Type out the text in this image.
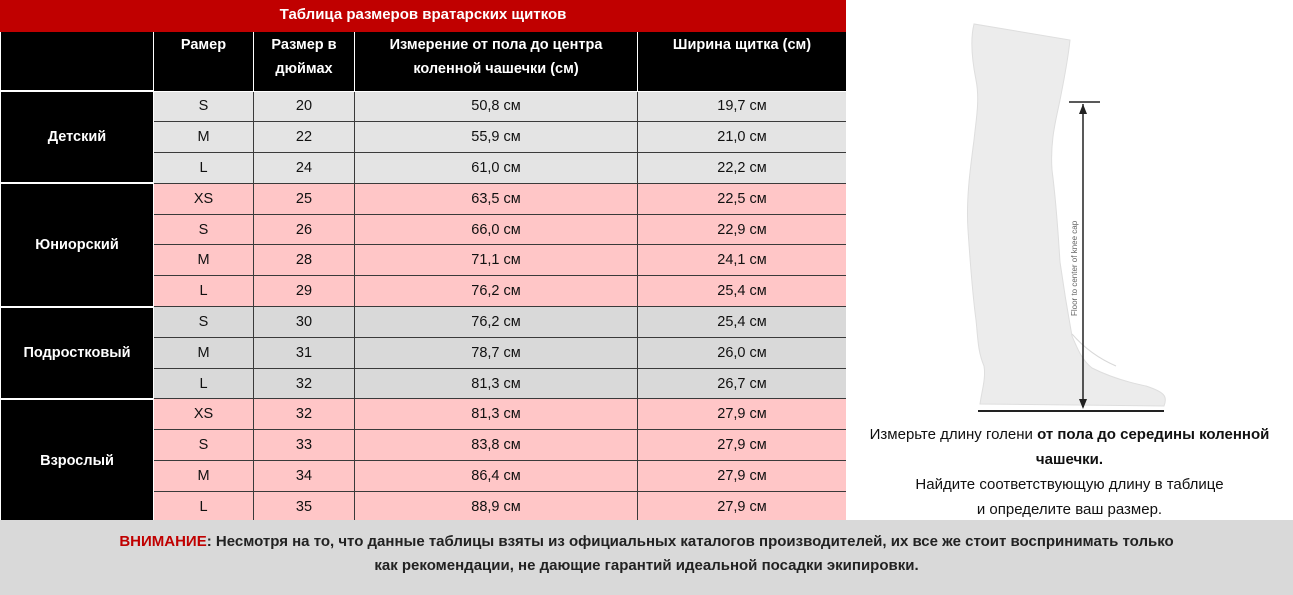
Таблица размеров вратарских щитков
	Рамер	Размер в дюймах	Измерение от пола до центра коленной чашечки (см)	Ширина щитка (см)
Детский	S	20	50,8 см	19,7 см
	M	22	55,9 см	21,0 см
	L	24	61,0 см	22,2 см
Юниорский	XS	25	63,5 см	22,5 см
	S	26	66,0 см	22,9 см
	M	28	71,1 см	24,1 см
	L	29	76,2 см	25,4 см
Подростковый	S	30	76,2 см	25,4 см
	M	31	78,7 см	26,0 см
	L	32	81,3 см	26,7 см
Взрослый	XS	32	81,3 см	27,9 см
	S	33	83,8 см	27,9 см
	M	34	86,4 см	27,9 см
	L	35	88,9 см	27,9 см
Floor to center of knee cap
Измерьте длину голени от пола до середины коленной чашечки.
Найдите соответствующую длину в таблице
и определите ваш размер.
ВНИМАНИЕ: Несмотря на то, что данные таблицы взяты из официальных каталогов производителей, их все же стоит воспринимать только
как рекомендации, не дающие гарантий идеальной посадки экипировки.
